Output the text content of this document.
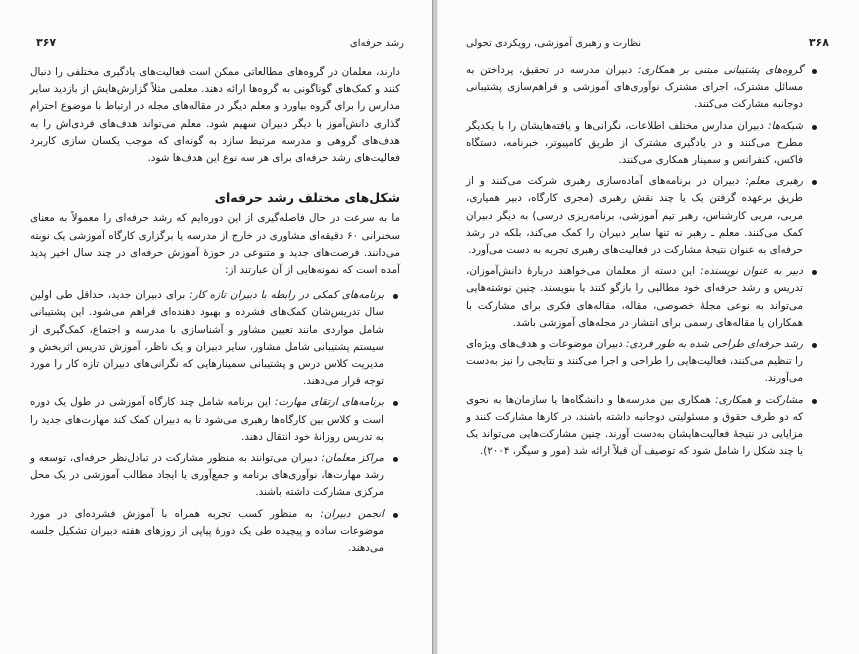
رشد حرفه‌ای
۳۶۷

دارند، معلمان در گروه‌های مطالعاتی ممکن است فعالیت‌های یادگیری مختلفی را دنبال کنند و کمک‌های گوناگونی به گروه‌ها ارائه دهند. معلمی مثلاً گزارش‌هایش از بازدید سایر مدارس را برای گروه بیاورد و معلم دیگر در مقاله‌های مجله در ارتباط با موضوع احترام گذاری دانش‌آموز با دیگر دبیران سهیم شود. معلم می‌تواند هدف‌های فردی‌اش را به هدف‌های گروهی و مدرسه مرتبط سازد به گونه‌ای که موجب یکسان سازی کاربرد فعالیت‌های رشد حرفه‌ای برای هر سه نوع این هدف‌ها شود.

شکل‌های مختلف رشد حرفه‌ای

ما به سرعت در حال فاصله‌گیری از این دوره‌ایم که رشد حرفه‌ای را معمولاً به معنای سخنرانی ۶۰ دقیقه‌ای مشاوری در خارج از مدرسه یا برگزاری کارگاه آموزشی یک نوبته می‌دانند. فرصت‌های جدید و متنوعی در حوزهٔ آموزش حرفه‌ای در چند سال اخیر پدید آمده است که نمونه‌هایی از آن عبارتند از:

برنامه‌های کمکی در رابطه با دبیران تازه کار: برای دبیران جدید، حداقل طی اولین سال تدریس‌شان کمک‌های فشرده و بهبود دهنده‌ای فراهم می‌شود. این پشتیبانی شامل مواردی مانند تعیین مشاور و آشناسازی با مدرسه و اجتماع، کمک‌گیری از سیستم پشتیبانی شامل مشاور، سایر دبیران و یک ناظر، آموزش تدریس اثربخش و مدیریت کلاس درس و پشتیبانی سمینارهایی که نگرانی‌های دبیران تازه کار را مورد توجه قرار می‌دهند.
برنامه‌های ارتقای مهارت: این برنامه شامل چند کارگاه آموزشی در طول یک دوره است و کلاس بین کارگاه‌ها رهبری می‌شود تا به دبیران کمک کند مهارت‌های جدید را به تدریس روزانهٔ خود انتقال دهند.
مراکز معلمان: دبیران می‌توانند به منظور مشارکت در تبادل‌نظر حرفه‌ای، توسعه و رشد مهارت‌ها، نوآوری‌های برنامه و جمع‌آوری یا ایجاد مطالب آموزشی در یک محل مرکزی مشارکت داشته باشند.
انجمن دبیران: به منظور کسب تجربه همراه با آموزش فشرده‌ای در مورد موضوعات ساده و پیچیده طی یک دورهٔ پیاپی از روزهای هفته دبیران تشکیل جلسه می‌دهند.
۳۶۸
نظارت و رهبری آموزشی، رویکردی تحولی
گروه‌های پشتیبانی مبتنی بر همکاری: دبیران مدرسه در تحقیق، پرداختن به مسائل مشترک، اجرای مشترک نوآوری‌های آموزشی و فراهم‌سازی پشتیبانی دوجانبه مشارکت می‌کنند.
شبکه‌ها: دبیران مدارس مختلف اطلاعات، نگرانی‌ها و یافته‌هایشان را با یکدیگر مطرح می‌کنند و در یادگیری مشترک از طریق کامپیوتر، خبرنامه، دستگاه فاکس، کنفرانس و سمینار همکاری می‌کنند.
رهبری معلم: دبیران در برنامه‌های آماده‌سازی رهبری شرکت می‌کنند و از طریق برعهده گرفتن یک یا چند نقش رهبری (مجری کارگاه، دبیر همیاری، مربی، مربی کارشناس، رهبر تیم آموزشی، برنامه‌ریزی درسی) به دیگر دبیران کمک می‌کنند. معلم ـ رهبر نه تنها سایر دبیران را کمک می‌کند، بلکه در رشد حرفه‌ای به عنوان نتیجهٔ مشارکت در فعالیت‌های رهبری تجربه به دست می‌آورد.
دبیر به عنوان نویسنده: این دسته از معلمان می‌خواهند دربارهٔ دانش‌آموزان، تدریس و رشد حرفه‌ای خود مطالبی را بازگو کنند یا بنویسند. چنین نوشته‌هایی می‌تواند به نوعی مجلهٔ خصوصی، مقاله، مقاله‌های فکری برای مشارکت با همکاران یا مقاله‌های رسمی برای انتشار در مجله‌های آموزشی باشد.
رشد حرفه‌ای طراحی شده به طور فردی: دبیران موضوعات و هدف‌های ویژه‌ای را تنظیم می‌کنند، فعالیت‌هایی را طراحی و اجرا می‌کنند و نتایجی را نیز به‌دست می‌آورند.
مشارکت و همکاری: همکاری بین مدرسه‌ها و دانشگاه‌ها یا سازمان‌ها به نحوی که دو طرف حقوق و مسئولیتی دوجانبه داشته باشند، در کارها مشارکت کنند و مزایایی در نتیجهٔ فعالیت‌هایشان به‌دست آورند. چنین مشارکت‌هایی می‌تواند یک یا چند شکل را شامل شود که توصیف آن قبلاً ارائه شد (مور و سیگر، ۲۰۰۴).
